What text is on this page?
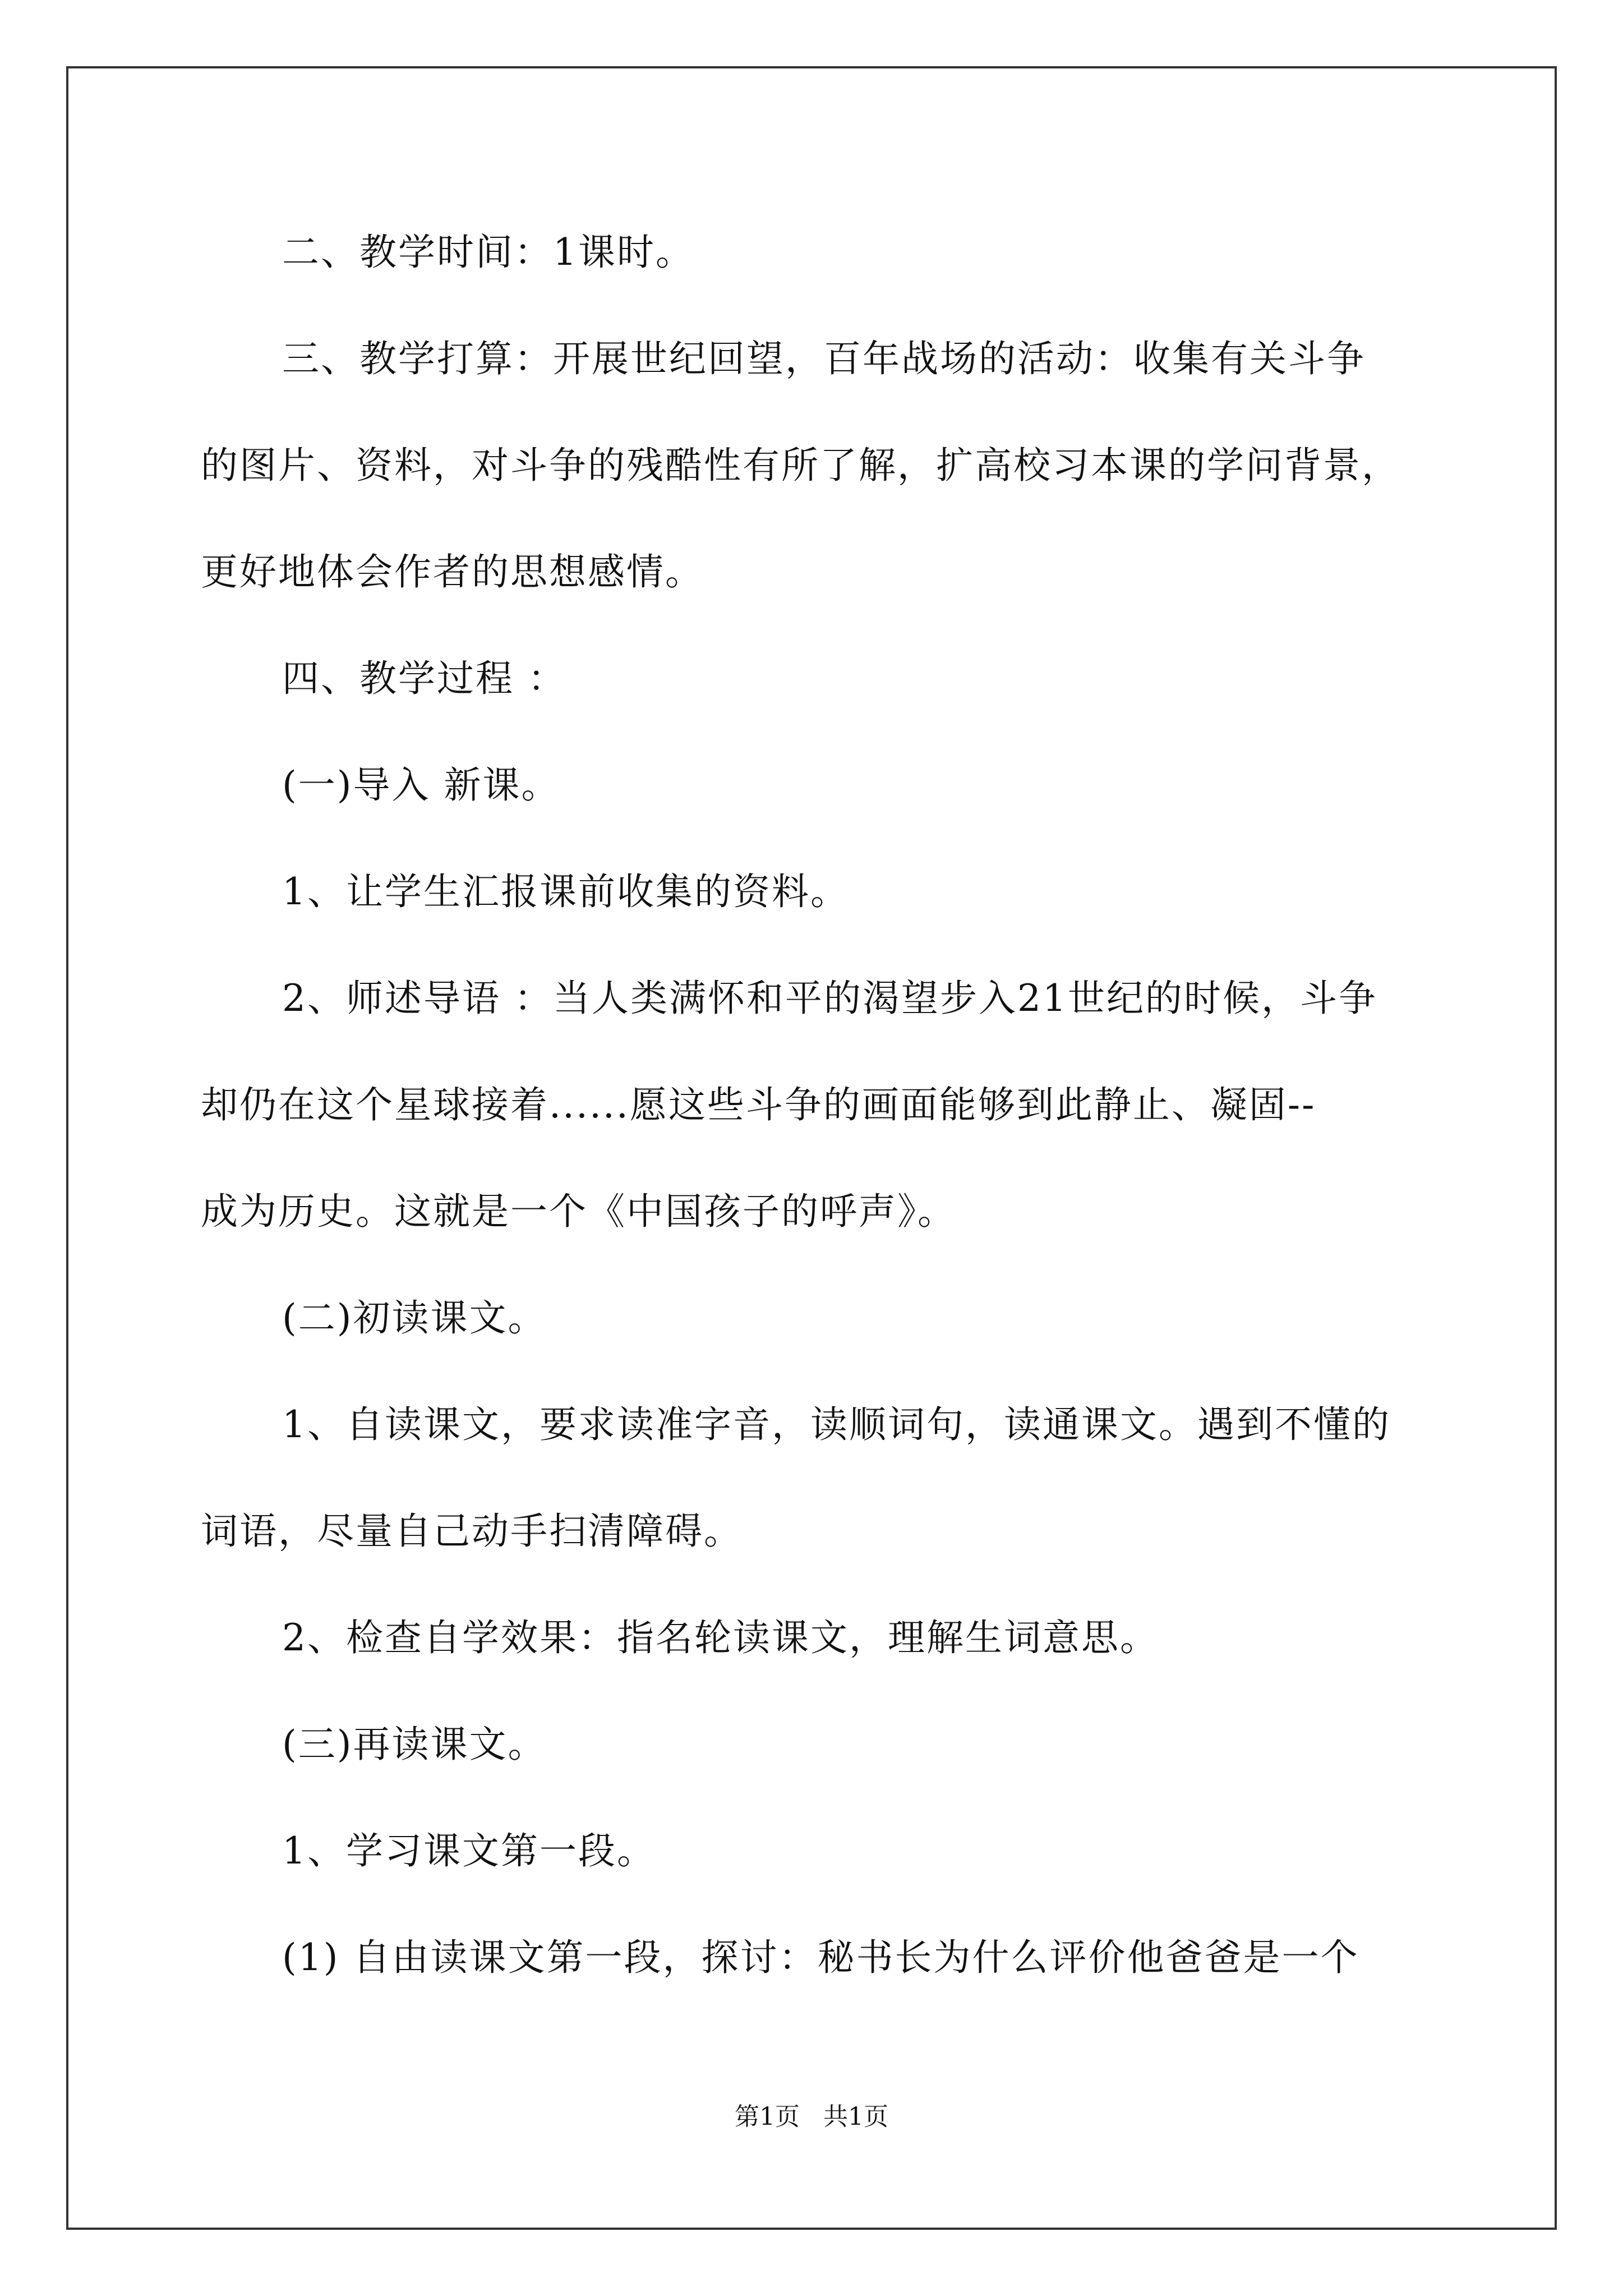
二、教学时间：1课时。
三、教学打算：开展世纪回望，百年战场的活动：收集有关斗争
的图片、资料，对斗争的残酷性有所了解，扩高校习本课的学问背景，
更好地体会作者的思想感情。
四、教学过程 ：
(一)导入 新课。
1、让学生汇报课前收集的资料。
2、师述导语 ：当人类满怀和平的渴望步入21世纪的时候，斗争
却仍在这个星球接着......愿这些斗争的画面能够到此静止、凝固--
成为历史。这就是一个《中国孩子的呼声》。
(二)初读课文。
1、自读课文，要求读准字音，读顺词句，读通课文。遇到不懂的
词语，尽量自己动手扫清障碍。
2、检查自学效果：指名轮读课文，理解生词意思。
(三)再读课文。
1、学习课文第一段。
(1) 自由读课文第一段，探讨：秘书长为什么评价他爸爸是一个
第1页   共1页
